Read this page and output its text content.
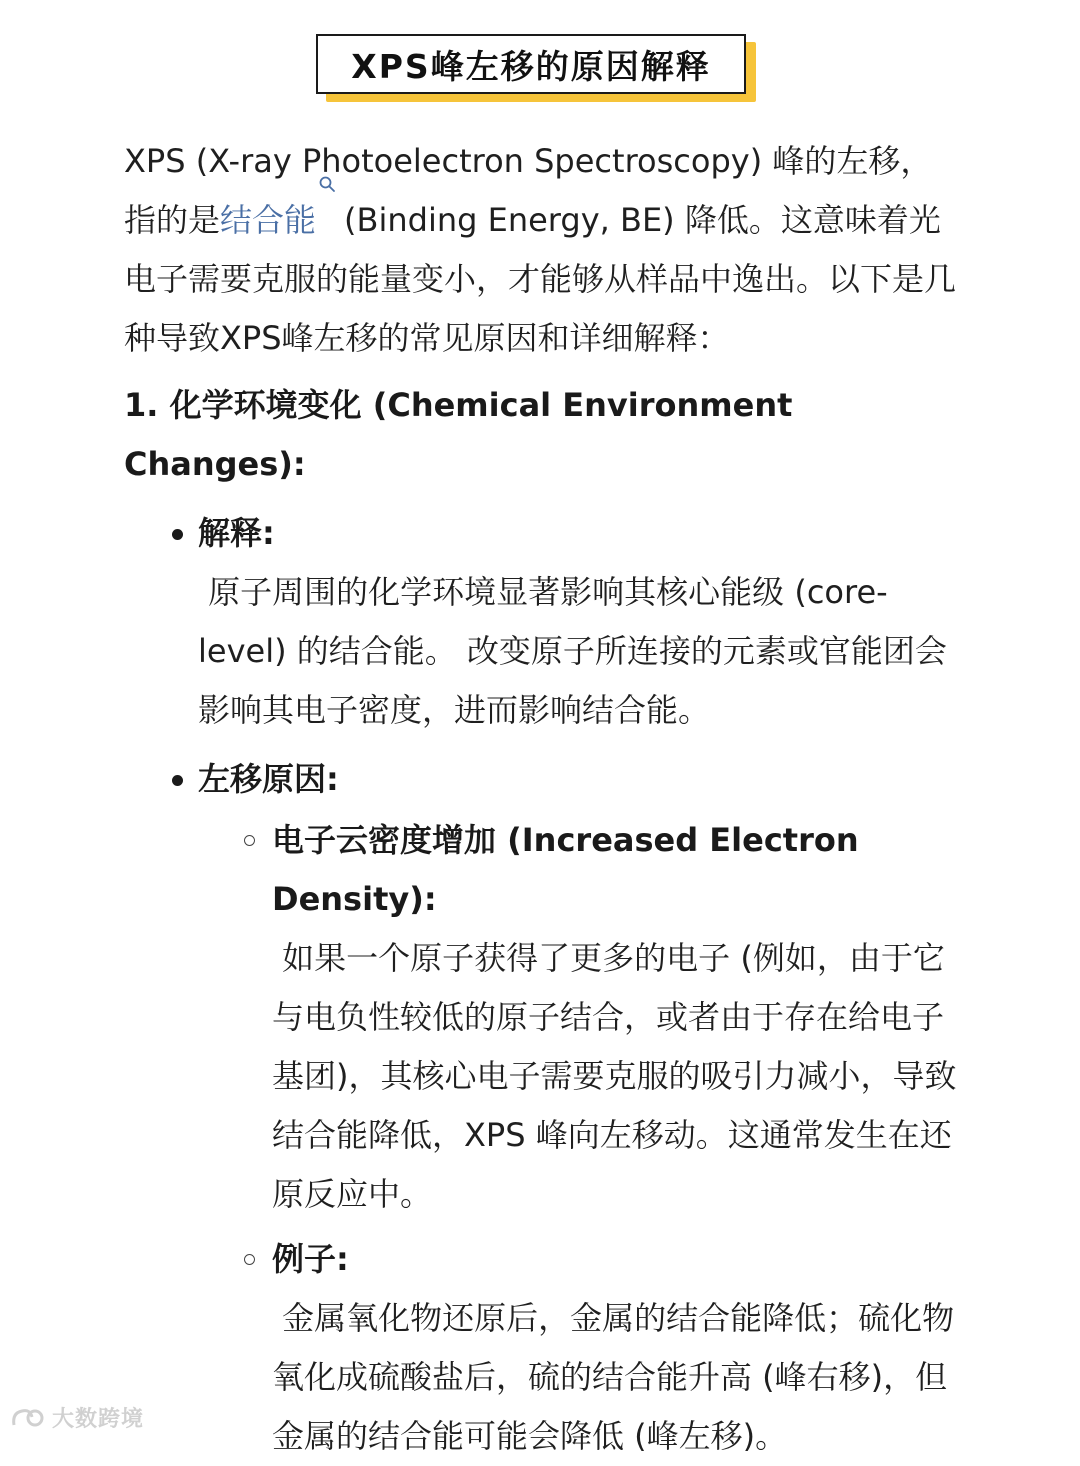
XPS峰左移的原因解释

XPS (X-ray Photoelectron Spectroscopy) 峰的左移，指的是结合能 (Binding Energy, BE) 降低。这意味着光电子需要克服的能量变小，才能够从样品中逸出。以下是几种导致XPS峰左移的常见原因和详细解释：

1. 化学环境变化 (Chemical Environment Changes):
解释:
原子周围的化学环境显著影响其核心能级 (core-level) 的结合能。 改变原子所连接的元素或官能团会影响其电子密度，进而影响结合能。
左移原因:
电子云密度增加 (Increased Electron Density):
如果一个原子获得了更多的电子 (例如，由于它与电负性较低的原子结合，或者由于存在给电子基团)，其核心电子需要克服的吸引力减小，导致结合能降低，XPS 峰向左移动。这通常发生在还原反应中。
例子:
金属氧化物还原后，金属的结合能降低；硫化物氧化成硫酸盐后，硫的结合能升高 (峰右移)，但金属的结合能可能会降低 (峰左移)。
大数跨境
